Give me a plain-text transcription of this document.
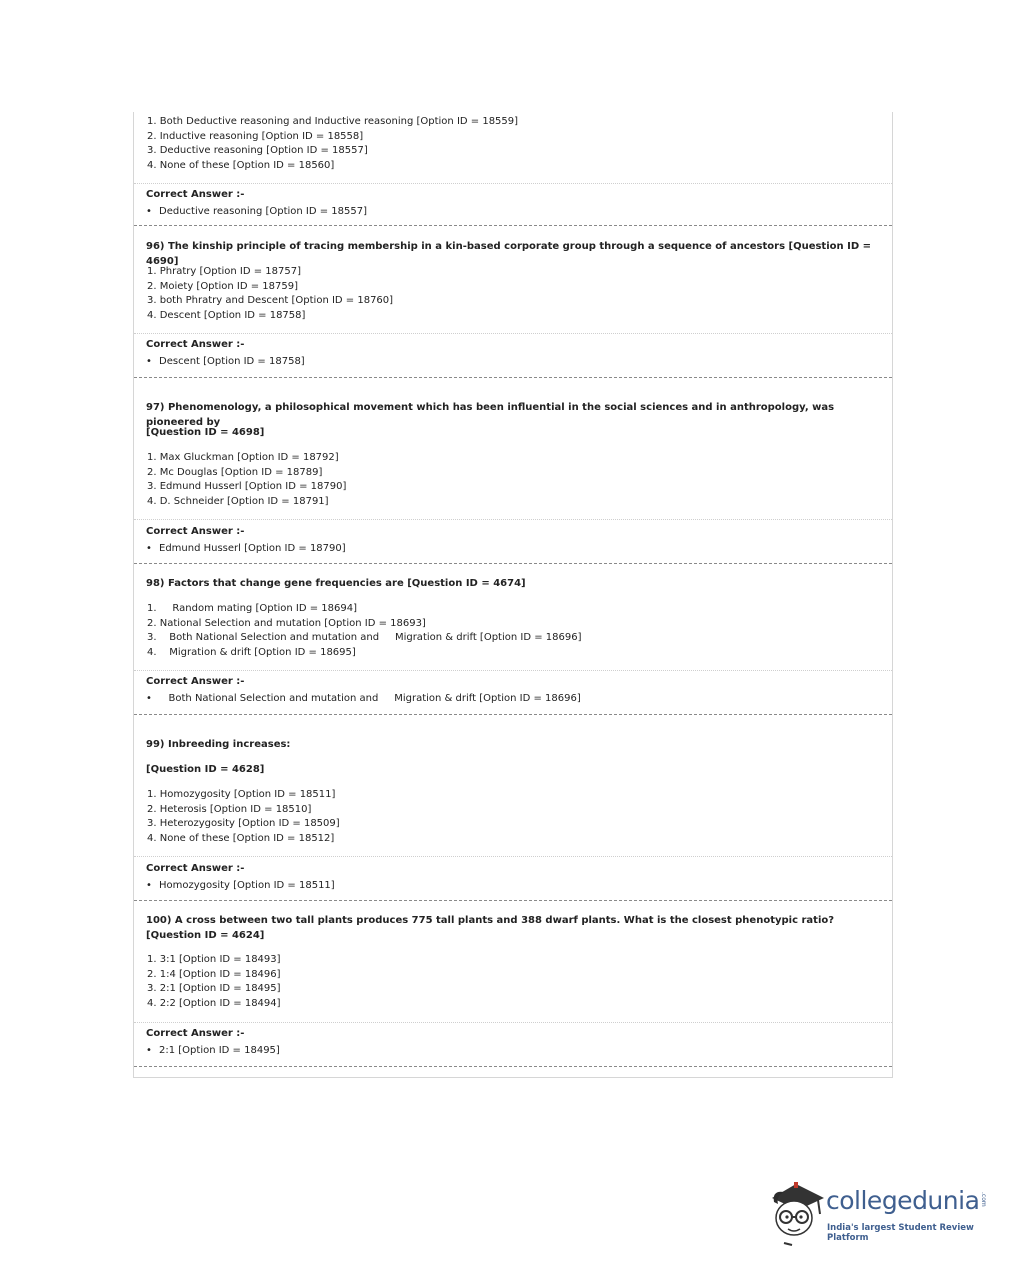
1. Both Deductive reasoning and Inductive reasoning [Option ID = 18559]
2. Inductive reasoning [Option ID = 18558]
3. Deductive reasoning [Option ID = 18557]
4. None of these [Option ID = 18560]
Correct Answer :-
• Deductive reasoning [Option ID = 18557]
96) The kinship principle of tracing membership in a kin-based corporate group through a sequence of ancestors [Question ID = 4690]
1. Phratry [Option ID = 18757]
2. Moiety [Option ID = 18759]
3. both Phratry and Descent [Option ID = 18760]
4. Descent [Option ID = 18758]
Correct Answer :-
• Descent [Option ID = 18758]
97) Phenomenology, a philosophical movement which has been influential in the social sciences and in anthropology, was pioneered by
[Question ID = 4698]
1. Max Gluckman [Option ID = 18792]
2. Mc Douglas [Option ID = 18789]
3. Edmund Husserl [Option ID = 18790]
4. D. Schneider [Option ID = 18791]
Correct Answer :-
• Edmund Husserl [Option ID = 18790]
98) Factors that change gene frequencies are [Question ID = 4674]
1.     Random mating [Option ID = 18694]
2. National Selection and mutation [Option ID = 18693]
3.    Both National Selection and mutation and     Migration & drift [Option ID = 18696]
4.    Migration & drift [Option ID = 18695]
Correct Answer :-
•   Both National Selection and mutation and     Migration & drift [Option ID = 18696]
99) Inbreeding increases:
[Question ID = 4628]
1. Homozygosity [Option ID = 18511]
2. Heterosis [Option ID = 18510]
3. Heterozygosity [Option ID = 18509]
4. None of these [Option ID = 18512]
Correct Answer :-
• Homozygosity [Option ID = 18511]
100) A cross between two tall plants produces 775 tall plants and 388 dwarf plants. What is the closest phenotypic ratio? [Question ID = 4624]
1. 3:1 [Option ID = 18493]
2. 1:4 [Option ID = 18496]
3. 2:1 [Option ID = 18495]
4. 2:2 [Option ID = 18494]
Correct Answer :-
• 2:1 [Option ID = 18495]
collegedunia .com
India's largest Student Review Platform
